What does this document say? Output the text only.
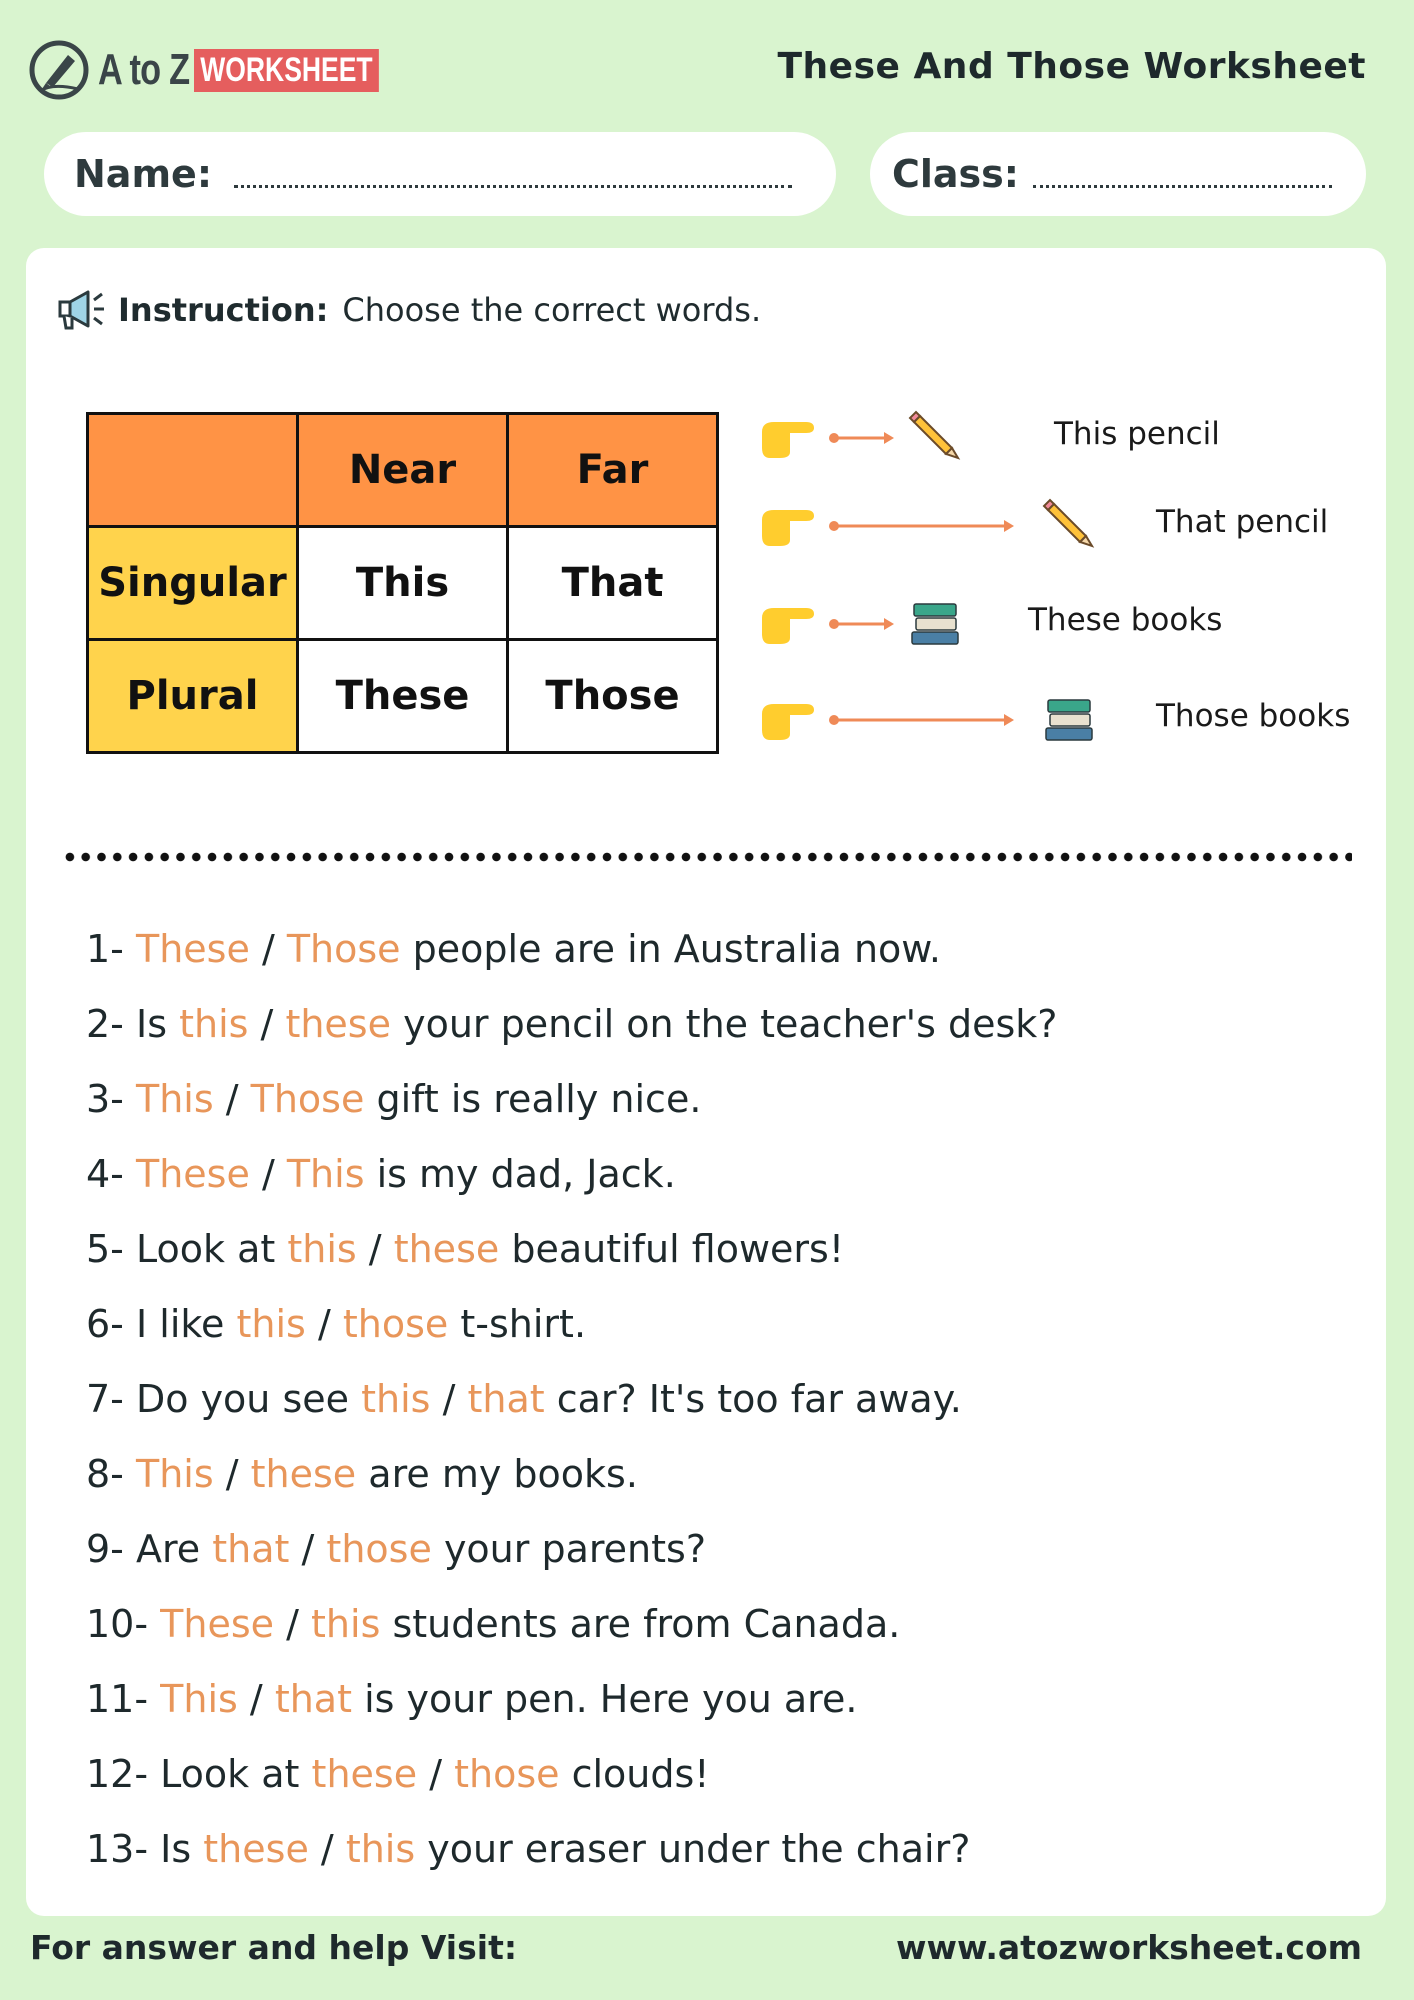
A to Z WORKSHEET	These And Those Worksheet
Name:	Class:
Instruction: Choose the correct words.
	Near	Far
Singular	This	That
Plural	These	Those
This pencil
That pencil
These books
Those books
1- These / Those people are in Australia now.
2- Is this / these your pencil on the teacher's desk?
3- This / Those gift is really nice.
4- These / This is my dad, Jack.
5- Look at this / these beautiful flowers!
6- I like this / those t-shirt.
7- Do you see this / that car? It's too far away.
8- This / these are my books.
9- Are that / those your parents?
10- These / this students are from Canada.
11- This / that is your pen. Here you are.
12- Look at these / those clouds!
13- Is these / this your eraser under the chair?
For answer and help Visit:	www.atozworksheet.com
